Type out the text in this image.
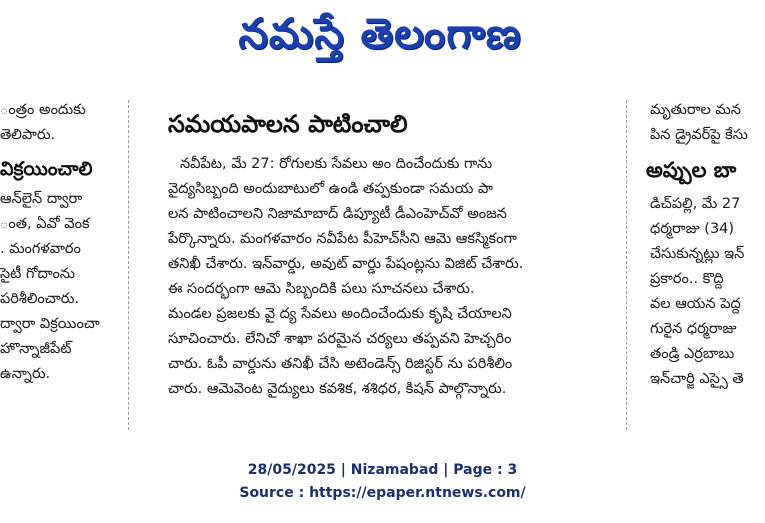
నమస్తే తెలంగాణ
ంత్రం అందుకు
తెలిపారు.
విక్రయించాలి
ఆన్‌లైన్ ద్వారా
ంత, ఏవో వెంక
. మంగళవారం
సైటీ గోదాంను
పరిశీలించారు.
ద్వారా విక్రయించా
హొన్నాజీపేట్
ఉన్నారు.
సమయపాలన పాటించాలి
నవీపేట, మే 27: రోగులకు సేవలు అం దించేందుకు గాను
వైద్యసిబ్బంది అందుబాటులో ఉండి తప్పకుండా సమయ పా
లన పాటించాలని నిజామాబాద్ డిప్యూటీ డీఎంహెచ్‌వో అంజన
పేర్కొన్నారు. మంగళవారం నవీపేట పీహెచ్‌సీని ఆమె ఆకస్మికంగా
తనిఖీ చేశారు. ఇన్‌వార్డు, అవుట్ వార్డు పేషంట్లను విజిట్ చేశారు.
ఈ సందర్భంగా ఆమె సిబ్బందికి పలు సూచనలు చేశారు.
మండల ప్రజలకు వై ద్య సేవలు అందించేందుకు కృషి చేయాలని
సూచించారు. లేనిచో శాఖా పరమైన చర్యలు తప్పవని హెచ్చరిం
చారు. ఓపీ వార్డును తనిఖీ చేసి అటెండెన్స్ రిజిస్టర్ ను పరిశీలిం
చారు. ఆమెవెంట వైద్యులు కవశిక, శశిధర, కిషన్ పాల్గొన్నారు.
మృతురాల మన
పిన డ్రైవర్‌పై కేసు
అప్పుల బా
డిచ్‌పల్లి, మే 27
ధర్మరాజు (34)
చేసుకున్నట్లు ఇన్
ప్రకారం.. కొద్ది
వల ఆయన పెద్ద
గురైన ధర్మరాజు
తండ్రి ఎర్రబాబు
ఇన్‌చార్జి ఎస్సై తె
28/05/2025 | Nizamabad | Page : 3
Source : https://epaper.ntnews.com/
